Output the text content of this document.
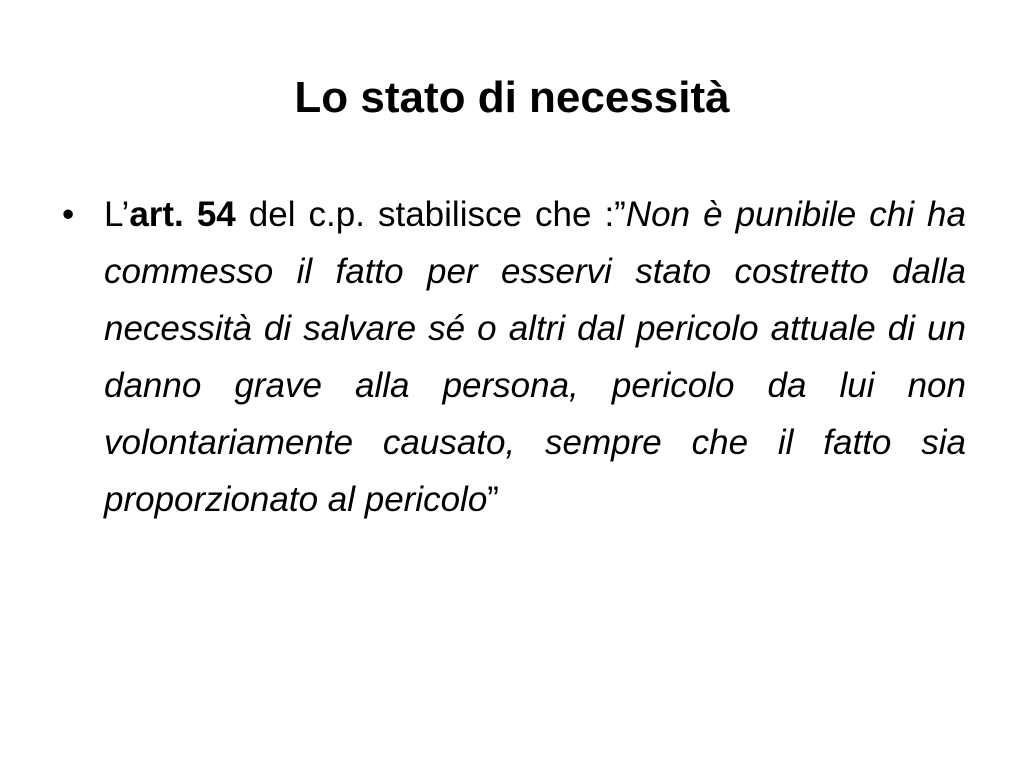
Lo stato di necessità
• L’art. 54 del c.p. stabilisce che :”Non è punibile chi ha commesso il fatto per esservi stato costretto dalla necessità di salvare sé o altri dal pericolo attuale di un danno grave alla persona, pericolo da lui non volontariamente causato, sempre che il fatto sia proporzionato al pericolo”
